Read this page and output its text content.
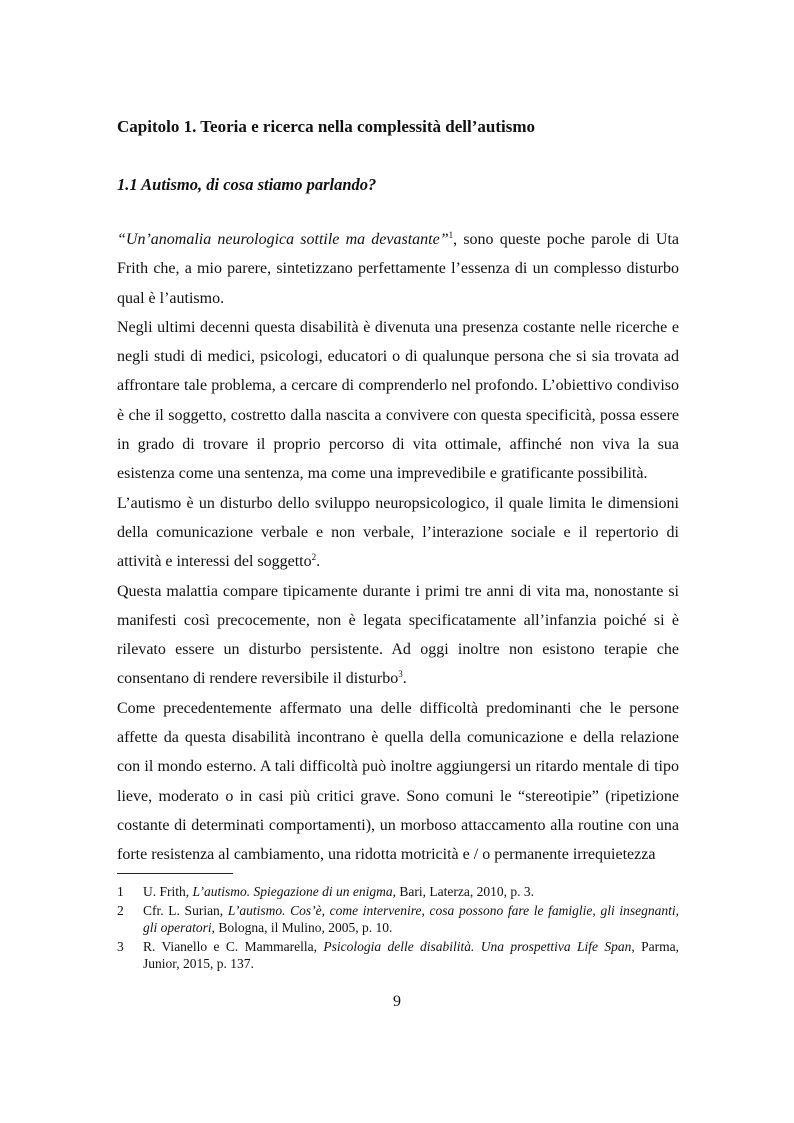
Capitolo 1. Teoria e ricerca nella complessità dell’autismo
1.1 Autismo, di cosa stiamo parlando?

“Un’anomalia neurologica sottile ma devastante”$^1$, sono queste poche parole di Uta Frith che, a mio parere, sintetizzano perfettamente l’essenza di un complesso disturbo qual è l’autismo.

Negli ultimi decenni questa disabilità è divenuta una presenza costante nelle ricerche e negli studi di medici, psicologi, educatori o di qualunque persona che si sia trovata ad affrontare tale problema, a cercare di comprenderlo nel profondo. L’obiettivo condiviso è che il soggetto, costretto dalla nascita a convivere con questa specificità, possa essere in grado di trovare il proprio percorso di vita ottimale, affinché non viva la sua esistenza come una sentenza, ma come una imprevedibile e gratificante possibilità.

L’autismo è un disturbo dello sviluppo neuropsicologico, il quale limita le dimensioni della comunicazione verbale e non verbale, l’interazione sociale e il repertorio di attività e interessi del soggetto$^2$.

Questa malattia compare tipicamente durante i primi tre anni di vita ma, nonostante si manifesti così precocemente, non è legata specificatamente all’infanzia poiché si è rilevato essere un disturbo persistente. Ad oggi inoltre non esistono terapie che consentano di rendere reversibile il disturbo$^3$.

Come precedentemente affermato una delle difficoltà predominanti che le persone affette da questa disabilità incontrano è quella della comunicazione e della relazione con il mondo esterno. A tali difficoltà può inoltre aggiungersi un ritardo mentale di tipo lieve, moderato o in casi più critici grave. Sono comuni le “stereotipie” (ripetizione costante di determinati comportamenti), un morboso attaccamento alla routine con una forte resistenza al cambiamento, una ridotta motricità e / o permanente irrequietezza

1	U. Frith, L’autismo. Spiegazione di un enigma, Bari, Laterza, 2010, p. 3.
2	Cfr. L. Surian, L’autismo. Cos’è, come intervenire, cosa possono fare le famiglie, gli insegnanti, gli operatori, Bologna, il Mulino, 2005, p. 10.
3	R. Vianello e C. Mammarella, Psicologia delle disabilità. Una prospettiva Life Span, Parma, Junior, 2015, p. 137.

9
